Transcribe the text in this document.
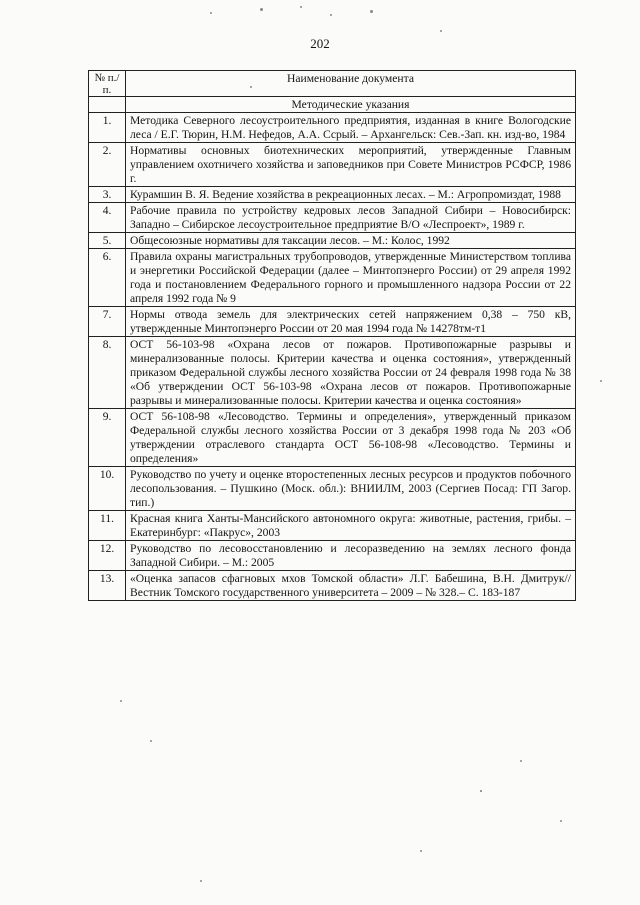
202
№ п./п.	Наименование документа
	Методические указания
1.	Методика Северного лесоустроительного предприятия, изданная в книге Вологодские леса / Е.Г. Тюрин, Н.М. Нефедов, А.А. Ссрый. – Архангельск: Сев.-Зап. кн. изд-во, 1984
2.	Нормативы основных биотехнических мероприятий, утвержденные Главным управлением охотничего хозяйства и заповедников при Совете Министров РСФСР, 1986 г.
3.	Курамшин В. Я. Ведение хозяйства в рекреационных лесах. – М.: Агропромиздат, 1988
4.	Рабочие правила по устройству кедровых лесов Западной Сибири – Новосибирск: Западно – Сибирское лесоустроительное предприятие В/О «Леспроект», 1989 г.
5.	Общесоюзные нормативы для таксации лесов. – М.: Колос, 1992
6.	Правила охраны магистральных трубопроводов, утвержденные Министерством топлива и энергетики Российской Федерации (далее – Минтопэнерго России) от 29 апреля 1992 года и постановлением Федерального горного и промышленного надзора России от 22 апреля 1992 года № 9
7.	Нормы отвода земель для электрических сетей напряжением 0,38 – 750 кВ, утвержденные Минтопэнерго России от 20 мая 1994 года № 14278тм-т1
8.	ОСТ 56-103-98 «Охрана лесов от пожаров. Противопожарные разрывы и минерализованные полосы. Критерии качества и оценка состояния», утвержденный приказом Федеральной службы лесного хозяйства России от 24 февраля 1998 года № 38 «Об утверждении ОСТ 56-103-98 «Охрана лесов от пожаров. Противопожарные разрывы и минерализованные полосы. Критерии качества и оценка состояния»
9.	ОСТ 56-108-98 «Лесоводство. Термины и определения», утвержденный приказом Федеральной службы лесного хозяйства России от 3 декабря 1998 года № 203 «Об утверждении отраслевого стандарта ОСТ 56-108-98 «Лесоводство. Термины и определения»
10.	Руководство по учету и оценке второстепенных лесных ресурсов и продуктов побочного лесопользования. – Пушкино (Моск. обл.): ВНИИЛМ, 2003 (Сергиев Посад: ГП Загор. тип.)
11.	Красная книга Ханты-Мансийского автономного округа: животные, растения, грибы. – Екатеринбург: «Пакрус», 2003
12.	Руководство по лесовосстановлению и лесоразведению на землях лесного фонда Западной Сибири. – М.: 2005
13.	«Оценка запасов сфагновых мхов Томской области» Л.Г. Бабешина, В.Н. Дмитрук// Вестник Томского государственного университета – 2009 – № 328.– С. 183-187
